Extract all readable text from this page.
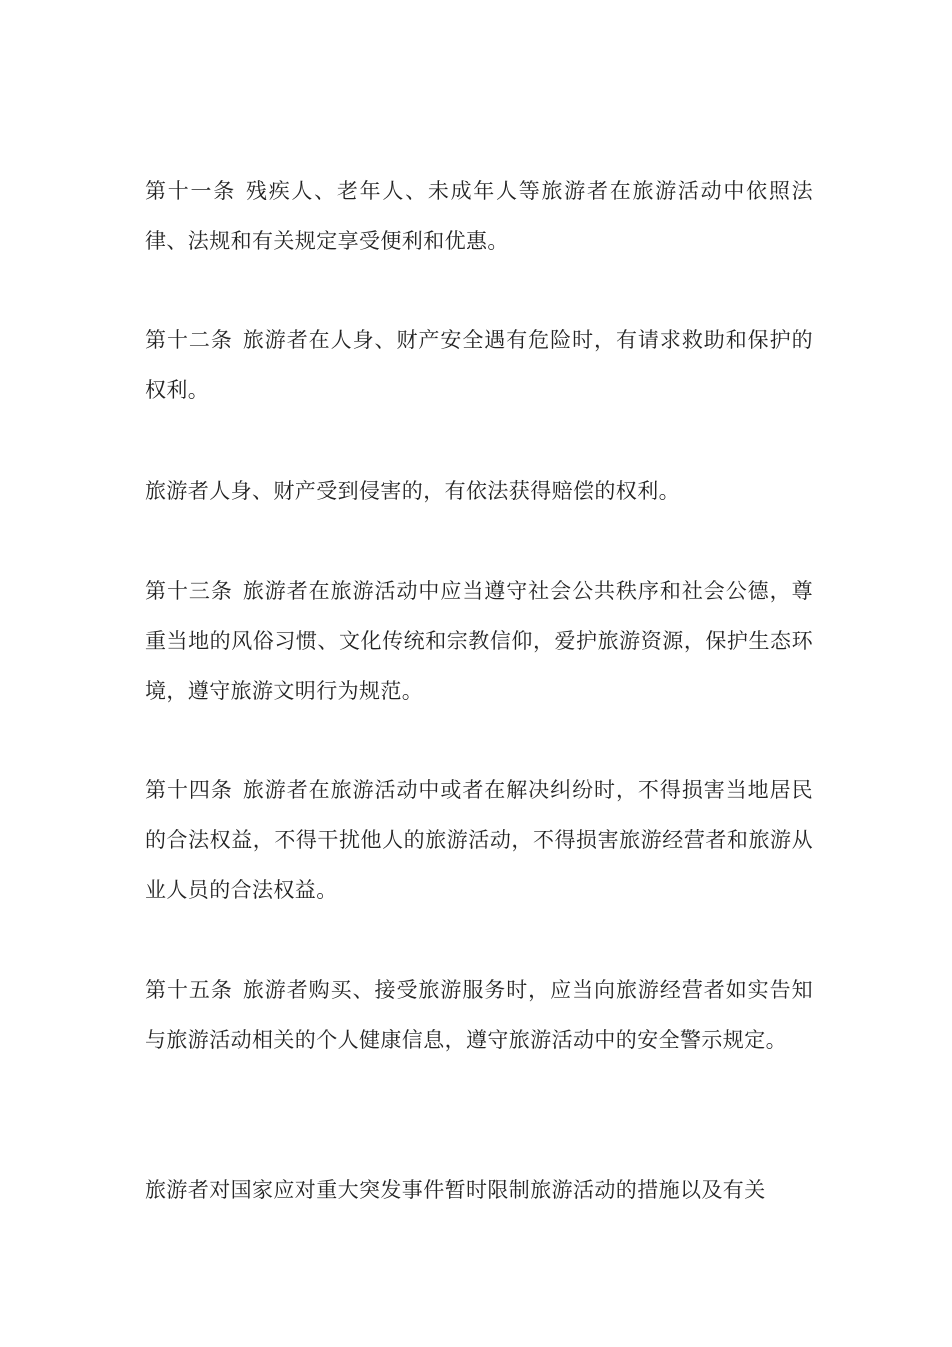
第十一条 残疾人、老年人、未成年人等旅游者在旅游活动中依照法律、法规和有关规定享受便利和优惠。

第十二条 旅游者在人身、财产安全遇有危险时，有请求救助和保护的权利。

旅游者人身、财产受到侵害的，有依法获得赔偿的权利。

第十三条 旅游者在旅游活动中应当遵守社会公共秩序和社会公德，尊重当地的风俗习惯、文化传统和宗教信仰，爱护旅游资源，保护生态环境，遵守旅游文明行为规范。

第十四条 旅游者在旅游活动中或者在解决纠纷时，不得损害当地居民的合法权益，不得干扰他人的旅游活动，不得损害旅游经营者和旅游从业人员的合法权益。

第十五条 旅游者购买、接受旅游服务时，应当向旅游经营者如实告知与旅游活动相关的个人健康信息，遵守旅游活动中的安全警示规定。

旅游者对国家应对重大突发事件暂时限制旅游活动的措施以及有关
